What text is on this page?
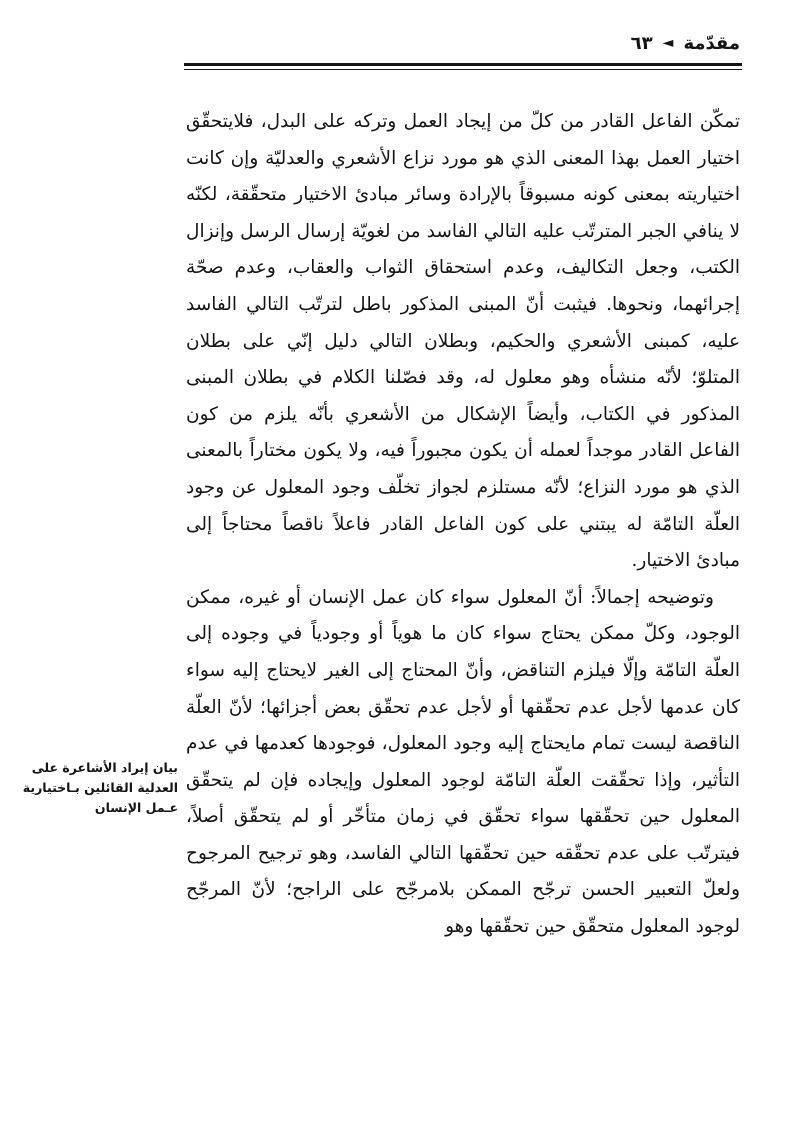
مقدّمة
◄
٦٣

تمكّن الفاعل القادر من كلّ من إيجاد العمل وتركه على البدل، فلايتحقّق اختيار العمل بهذا المعنى الذي هو مورد نزاع الأشعري والعدليّة وإن كانت اختياريته بمعنى كونه مسبوقاً بالإرادة وسائر مبادئ الاختيار متحقّقة، لكنّه لا ينافي الجبر المترتّب عليه التالي الفاسد من لغويّة إرسال الرسل وإنزال الكتب، وجعل التكاليف، وعدم استحقاق الثواب والعقاب، وعدم صحّة إجرائهما، ونحوها. فيثبت أنّ المبنى المذكور باطل لترتّب التالي الفاسد عليه، كمبنى الأشعري والحكيم، وبطلان التالي دليل إنّي على بطلان المتلوّ؛ لأنّه منشأه وهو معلول له، وقد فصّلنا الكلام في بطلان المبنى المذكور في الكتاب، وأيضاً الإشكال من الأشعري بأنّه يلزم من كون الفاعل القادر موجداً لعمله أن يكون مجبوراً فيه، ولا يكون مختاراً بالمعنى الذي هو مورد النزاع؛ لأنّه مستلزم لجواز تخلّف وجود المعلول عن وجود العلّة التامّة له يبتني على كون الفاعل القادر فاعلاً ناقصاً محتاجاً إلى مبادئ الاختيار.

وتوضيحه إجمالاً: أنّ المعلول سواء كان عمل الإنسان أو غيره، ممكن الوجود، وكلّ ممكن يحتاج سواء كان ما هوياً أو وجودياً في وجوده إلى العلّة التامّة وإلّا فيلزم التناقض، وأنّ المحتاج إلى الغير لايحتاج إليه سواء كان عدمها لأجل عدم تحقّقها أو لأجل عدم تحقّق بعض أجزائها؛ لأنّ العلّة الناقصة ليست تمام مايحتاج إليه وجود المعلول، فوجودها كعدمها في عدم التأثير، وإذا تحقّقت العلّة التامّة لوجود المعلول وإيجاده فإن لم يتحقّق المعلول حين تحقّقها سواء تحقّق في زمان متأخّر أو لم يتحقّق أصلاً، فيترتّب على عدم تحقّقه حين تحقّقها التالي الفاسد، وهو ترجيح المرجوح ولعلّ التعبير الحسن ترجّح الممكن بلامرجّح على الراجح؛ لأنّ المرجّح لوجود المعلول متحقّق حين تحقّقها وهو

بيان إيراد الأشاعرة على العدلية القائلين بـاختيارية عـمل الإنسان
